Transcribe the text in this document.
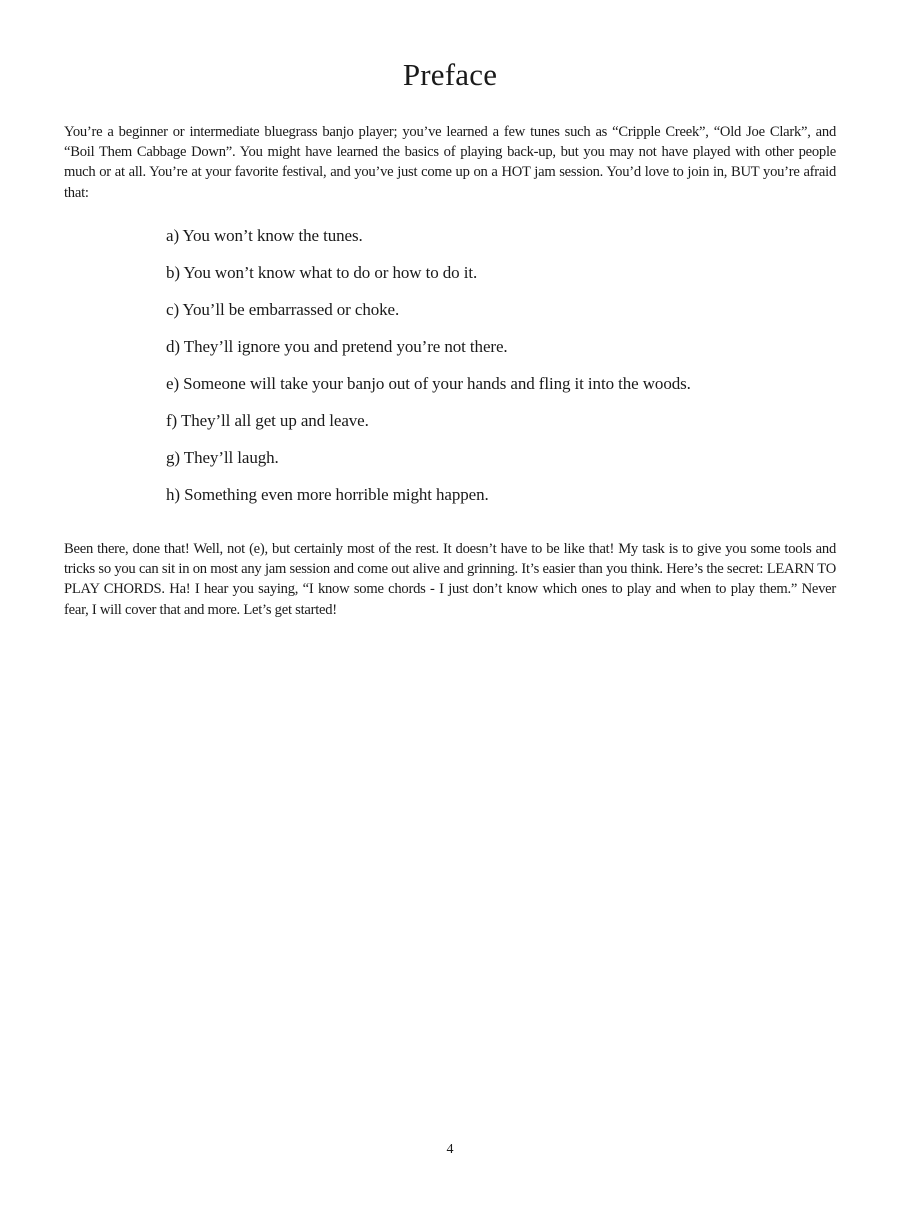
Preface

You’re a beginner or intermediate bluegrass banjo player; you’ve learned a few tunes such as “Cripple Creek”, “Old Joe Clark”, and “Boil Them Cabbage Down”. You might have learned the basics of playing back-up, but you may not have played with other people much or at all. You’re at your favorite festival, and you’ve just come up on a HOT jam session. You’d love to join in, BUT you’re afraid that:

a) You won’t know the tunes.
b) You won’t know what to do or how to do it.
c) You’ll be embarrassed or choke.
d) They’ll ignore you and pretend you’re not there.
e) Someone will take your banjo out of your hands and fling it into the woods.
f) They’ll all get up and leave.
g) They’ll laugh.
h) Something even more horrible might happen.

Been there, done that! Well, not (e), but certainly most of the rest. It doesn’t have to be like that! My task is to give you some tools and tricks so you can sit in on most any jam session and come out alive and grinning. It’s easier than you think. Here’s the secret: LEARN TO PLAY CHORDS. Ha! I hear you saying, “I know some chords - I just don’t know which ones to play and when to play them.” Never fear, I will cover that and more. Let’s get started!

4
